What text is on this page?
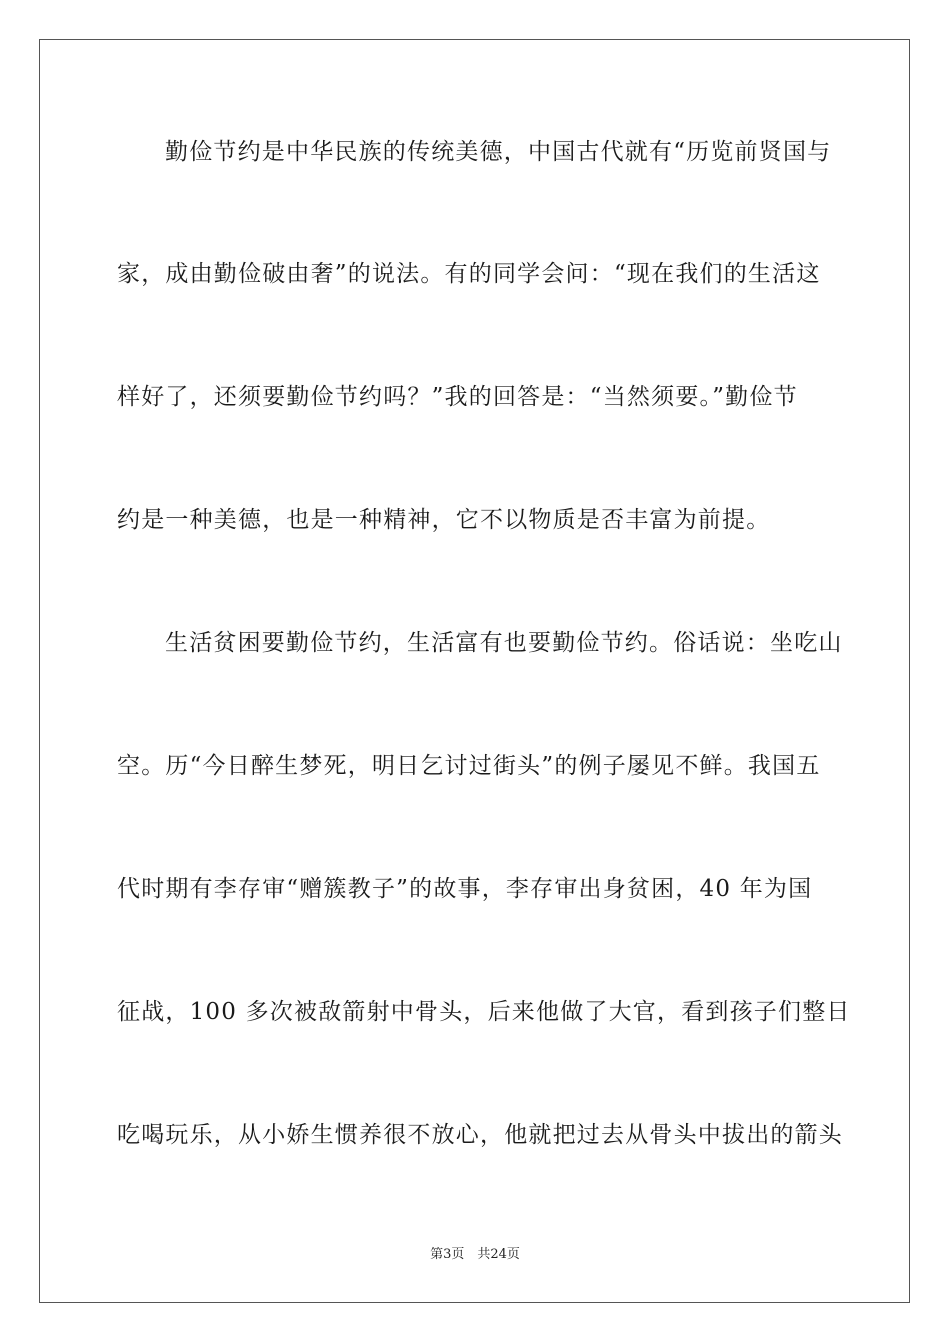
勤俭节约是中华民族的传统美德，中国古代就有“历览前贤国与
家，成由勤俭破由奢”的说法。有的同学会问：“现在我们的生活这
样好了，还须要勤俭节约吗？”我的回答是：“当然须要。”勤俭节
约是一种美德，也是一种精神，它不以物质是否丰富为前提。
生活贫困要勤俭节约，生活富有也要勤俭节约。俗话说：坐吃山
空。历“今日醉生梦死，明日乞讨过街头”的例子屡见不鲜。我国五
代时期有李存审“赠簇教子”的故事，李存审出身贫困，40 年为国
征战，100 多次被敌箭射中骨头，后来他做了大官，看到孩子们整日
吃喝玩乐，从小娇生惯养很不放心，他就把过去从骨头中拔出的箭头
第3页　共24页
